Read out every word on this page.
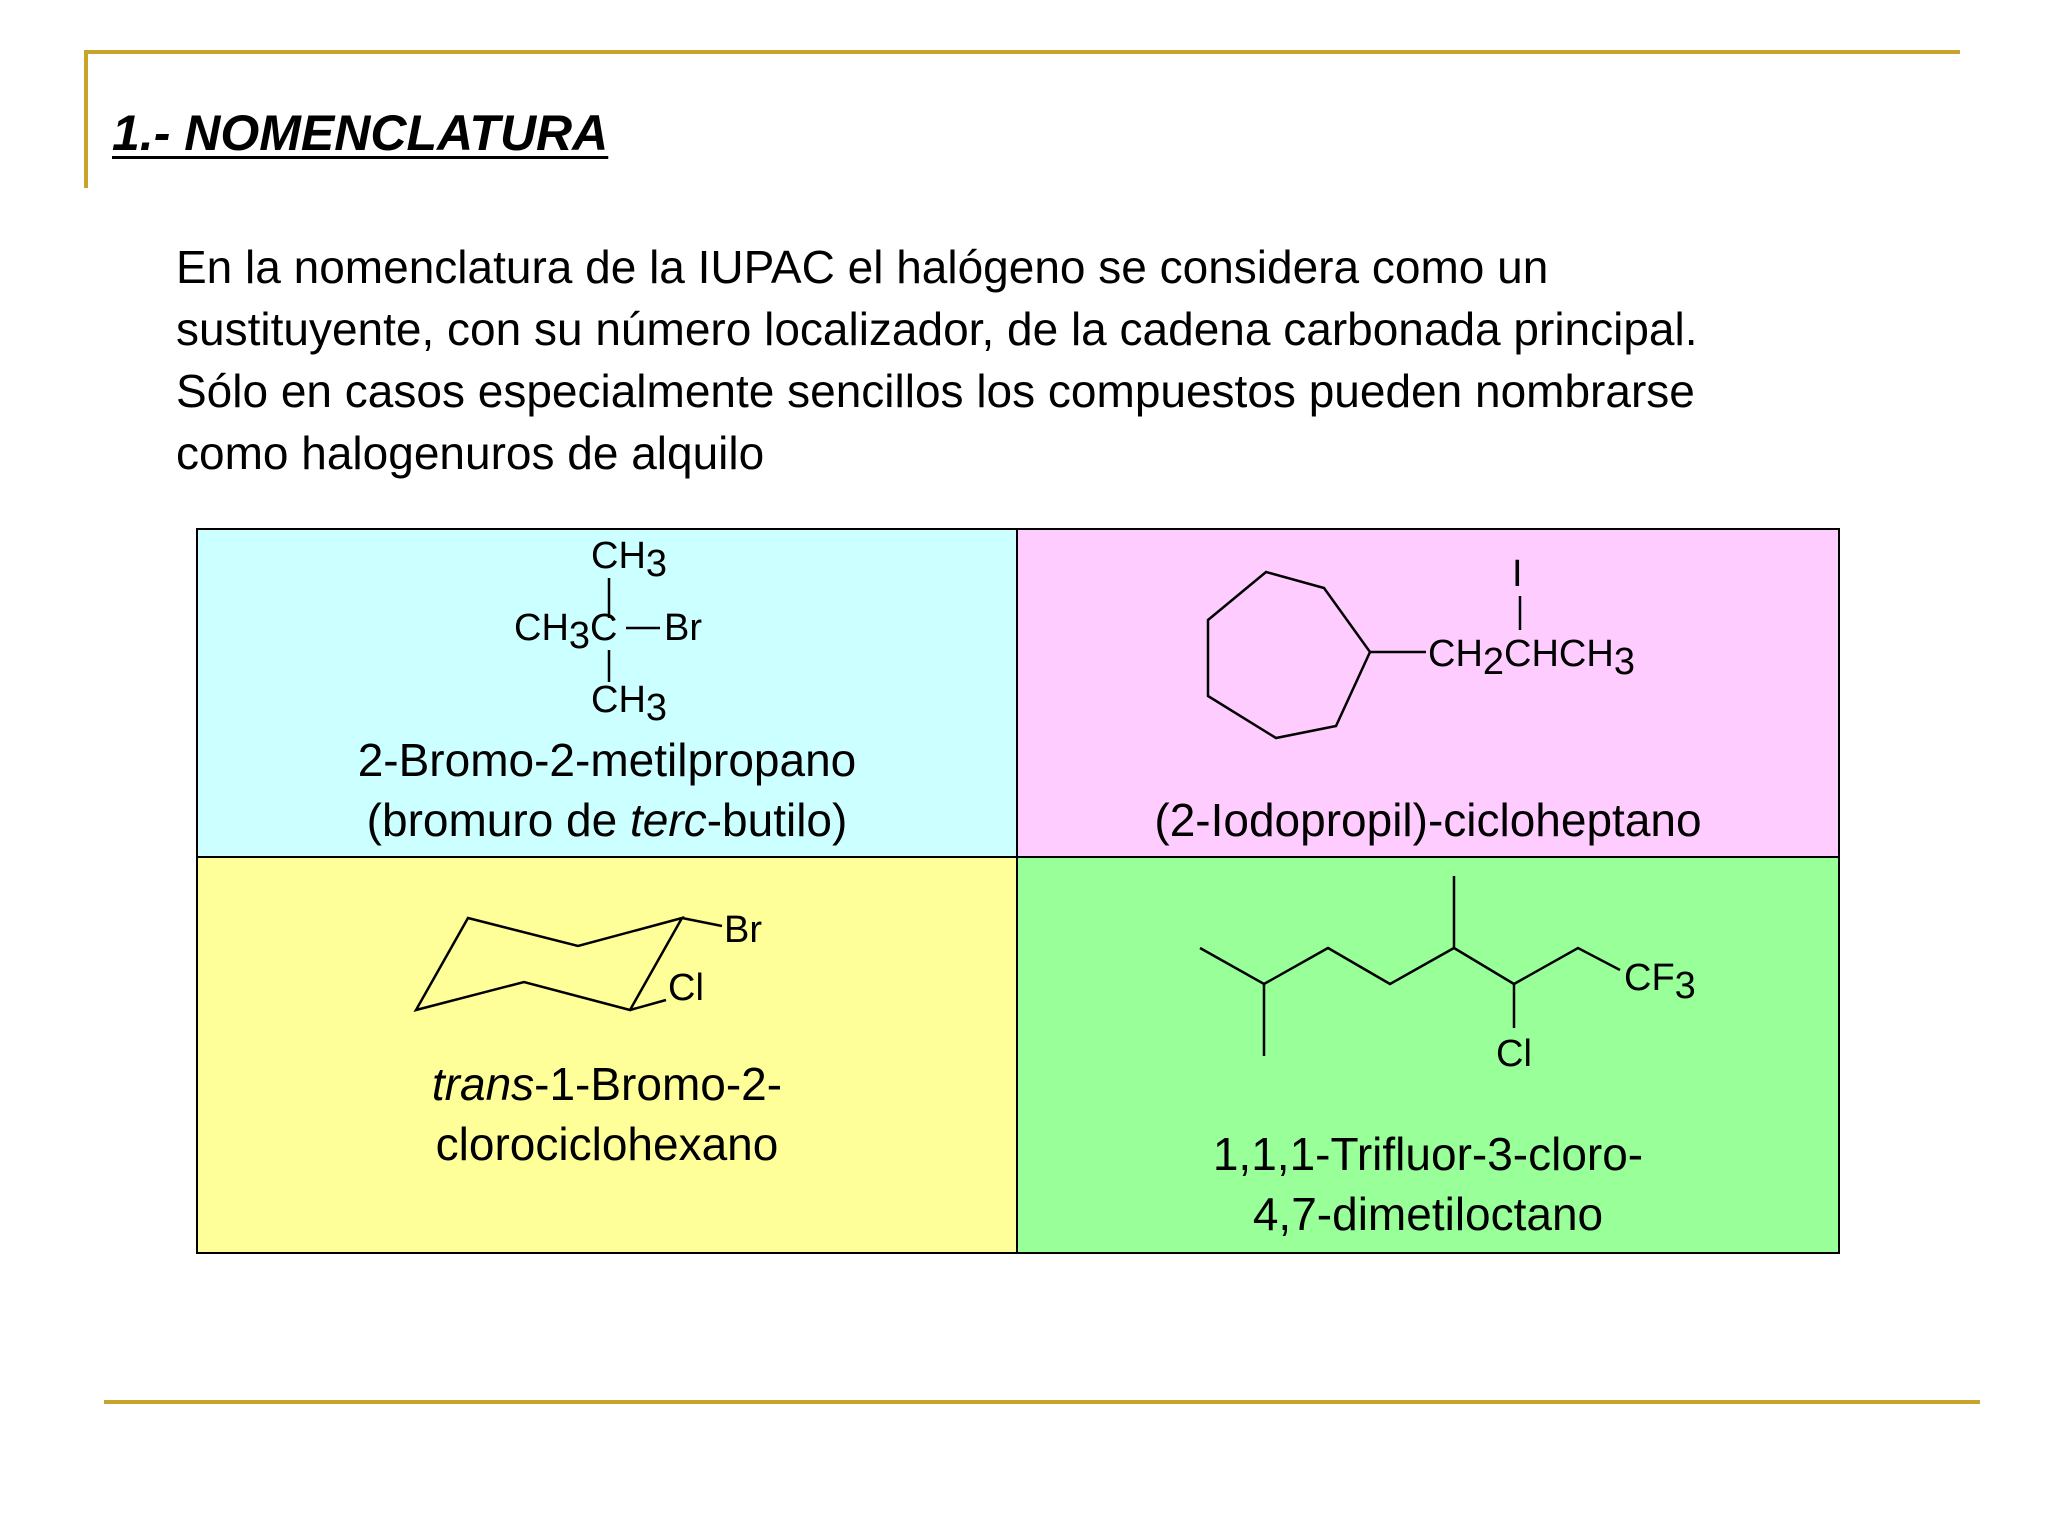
1.- NOMENCLATURA

En la nomenclatura de la IUPAC el halógeno se considera como un

sustituyente, con su número localizador, de la cadena carbonada principal.

Sólo en casos especialmente sencillos los compuestos pueden nombrarse

como halogenuros de alquilo

CH3
CH3C Br
CH3
2-Bromo-2-metilpropano
(bromuro de terc-butilo)
CH2CHCH3
I
(2-Iodopropil)-cicloheptano
Br
Cl
trans-1-Bromo-2-
clorociclohexano
Cl
CF3
1,1,1-Trifluor-3-cloro-
4,7-dimetiloctano
